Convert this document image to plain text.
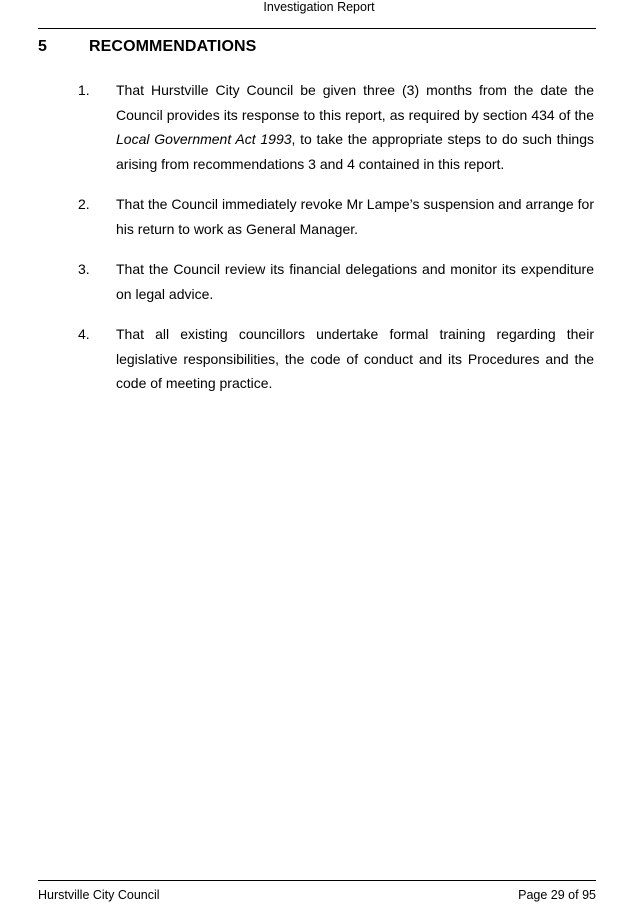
Investigation Report
5	RECOMMENDATIONS
1. That Hurstville City Council be given three (3) months from the date the Council provides its response to this report, as required by section 434 of the Local Government Act 1993, to take the appropriate steps to do such things arising from recommendations 3 and 4 contained in this report.
2. That the Council immediately revoke Mr Lampe’s suspension and arrange for his return to work as General Manager.
3. That the Council review its financial delegations and monitor its expenditure on legal advice.
4. That all existing councillors undertake formal training regarding their legislative responsibilities, the code of conduct and its Procedures and the code of meeting practice.
Hurstville City Council	Page 29 of 95
